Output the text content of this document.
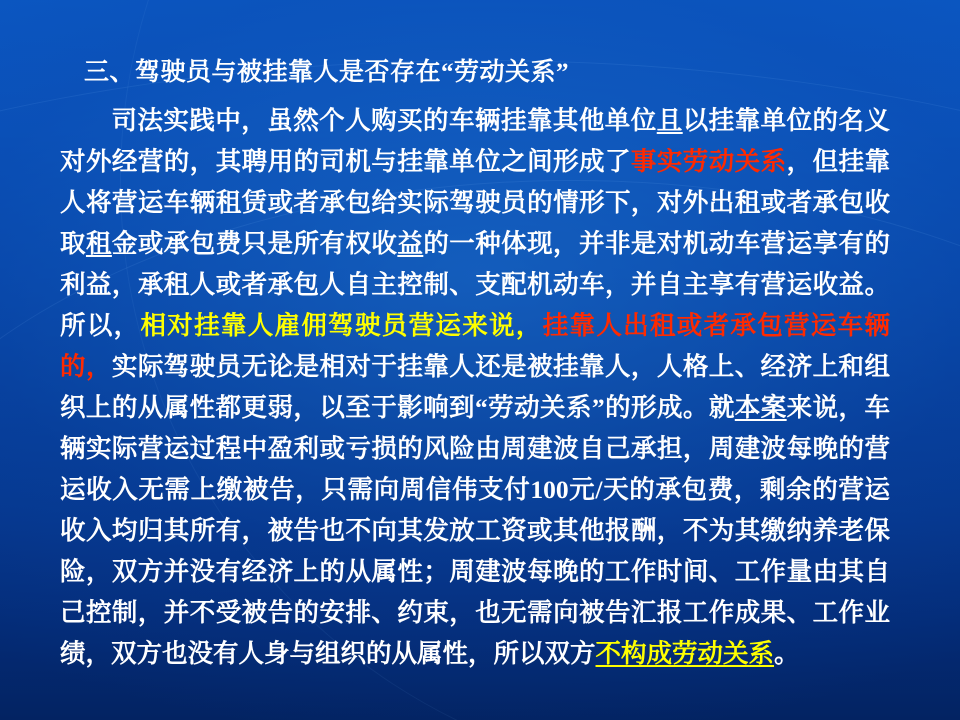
三、驾驶员与被挂靠人是否存在“劳动关系”

司法实践中，虽然个人购买的车辆挂靠其他单位且以挂靠单位的名义对外经营的，其聘用的司机与挂靠单位之间形成了事实劳动关系，但挂靠人将营运车辆租赁或者承包给实际驾驶员的情形下，对外出租或者承包收取租金或承包费只是所有权收益的一种体现，并非是对机动车营运享有的利益，承租人或者承包人自主控制、支配机动车，并自主享有营运收益。所以，相对挂靠人雇佣驾驶员营运来说，挂靠人出租或者承包营运车辆的，实际驾驶员无论是相对于挂靠人还是被挂靠人，人格上、经济上和组织上的从属性都更弱，以至于影响到“劳动关系”的形成。就本案来说，车辆实际营运过程中盈利或亏损的风险由周建波自己承担，周建波每晚的营运收入无需上缴被告，只需向周信伟支付100元/天的承包费，剩余的营运收入均归其所有，被告也不向其发放工资或其他报酬，不为其缴纳养老保险，双方并没有经济上的从属性；周建波每晚的工作时间、工作量由其自己控制，并不受被告的安排、约束，也无需向被告汇报工作成果、工作业绩，双方也没有人身与组织的从属性，所以双方不构成劳动关系。
